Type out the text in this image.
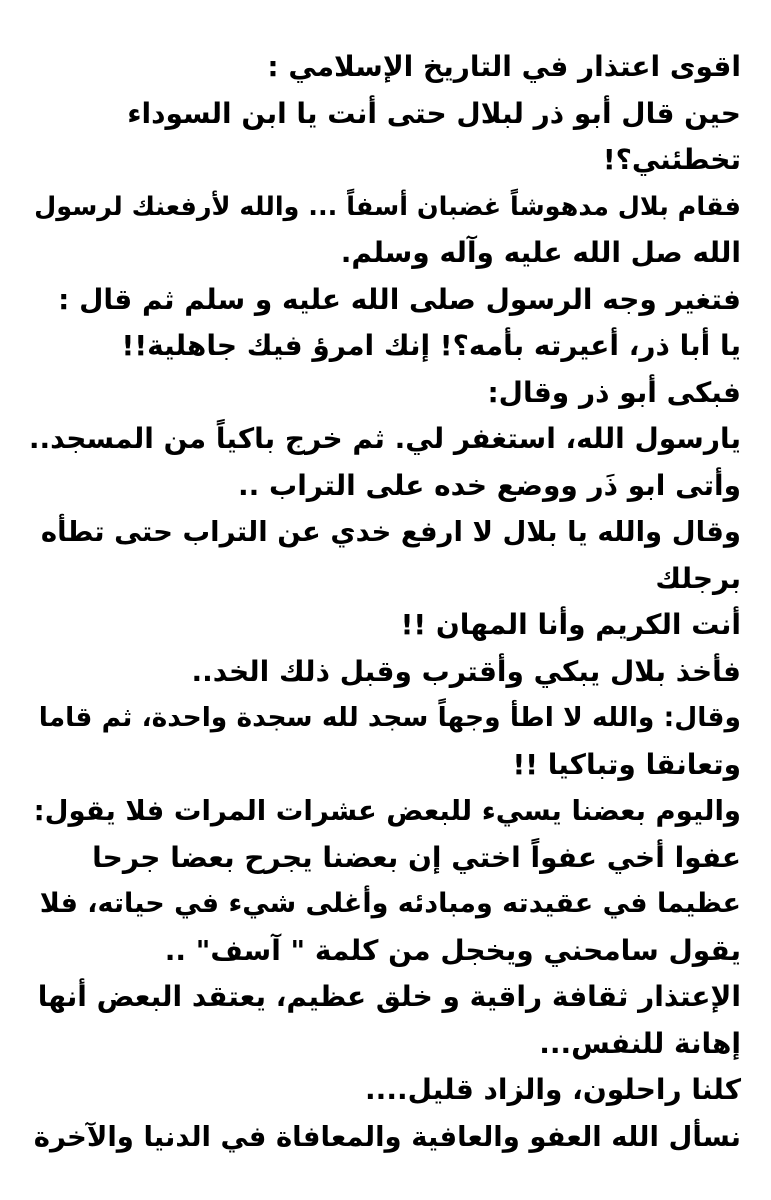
اقوى اعتذار في التاريخ الإسلامي :
حين قال أبو ذر لبلال حتى أنت يا ابن السوداء
تخطئني؟!
فقام بلال مدهوشاً غضبان أسفاً ... والله لأرفعنك لرسول
الله صل الله عليه وآله وسلم.
فتغير وجه الرسول صلى الله عليه و سلم ثم قال :
يا أبا ذر، أعيرته بأمه؟! إنك امرؤ فيك جاهلية!!
فبكى أبو ذر وقال:
يارسول الله، استغفر لي. ثم خرج باكياً من المسجد..
وأتى ابو ذَر ووضع خده على التراب ..
وقال والله يا بلال لا ارفع خدي عن التراب حتى تطأه
برجلك
أنت الكريم وأنا المهان !!
فأخذ بلال يبكي وأقترب وقبل ذلك الخد..
وقال: والله لا اطأ وجهاً سجد لله سجدة واحدة، ثم قاما
وتعانقا وتباكيا !!
واليوم بعضنا يسيء للبعض عشرات المرات فلا يقول:
عفوا أخي عفواً اختي إن بعضنا يجرح بعضا جرحا
عظيما في عقيدته ومبادئه وأغلى شيء في حياته، فلا
يقول سامحني ويخجل من كلمة " آسف" ..
الإعتذار ثقافة راقية و خلق عظيم، يعتقد البعض أنها
إهانة للنفس...
كلنا راحلون، والزاد قليل....
نسأل الله العفو والعافية والمعافاة في الدنيا والآخرة
